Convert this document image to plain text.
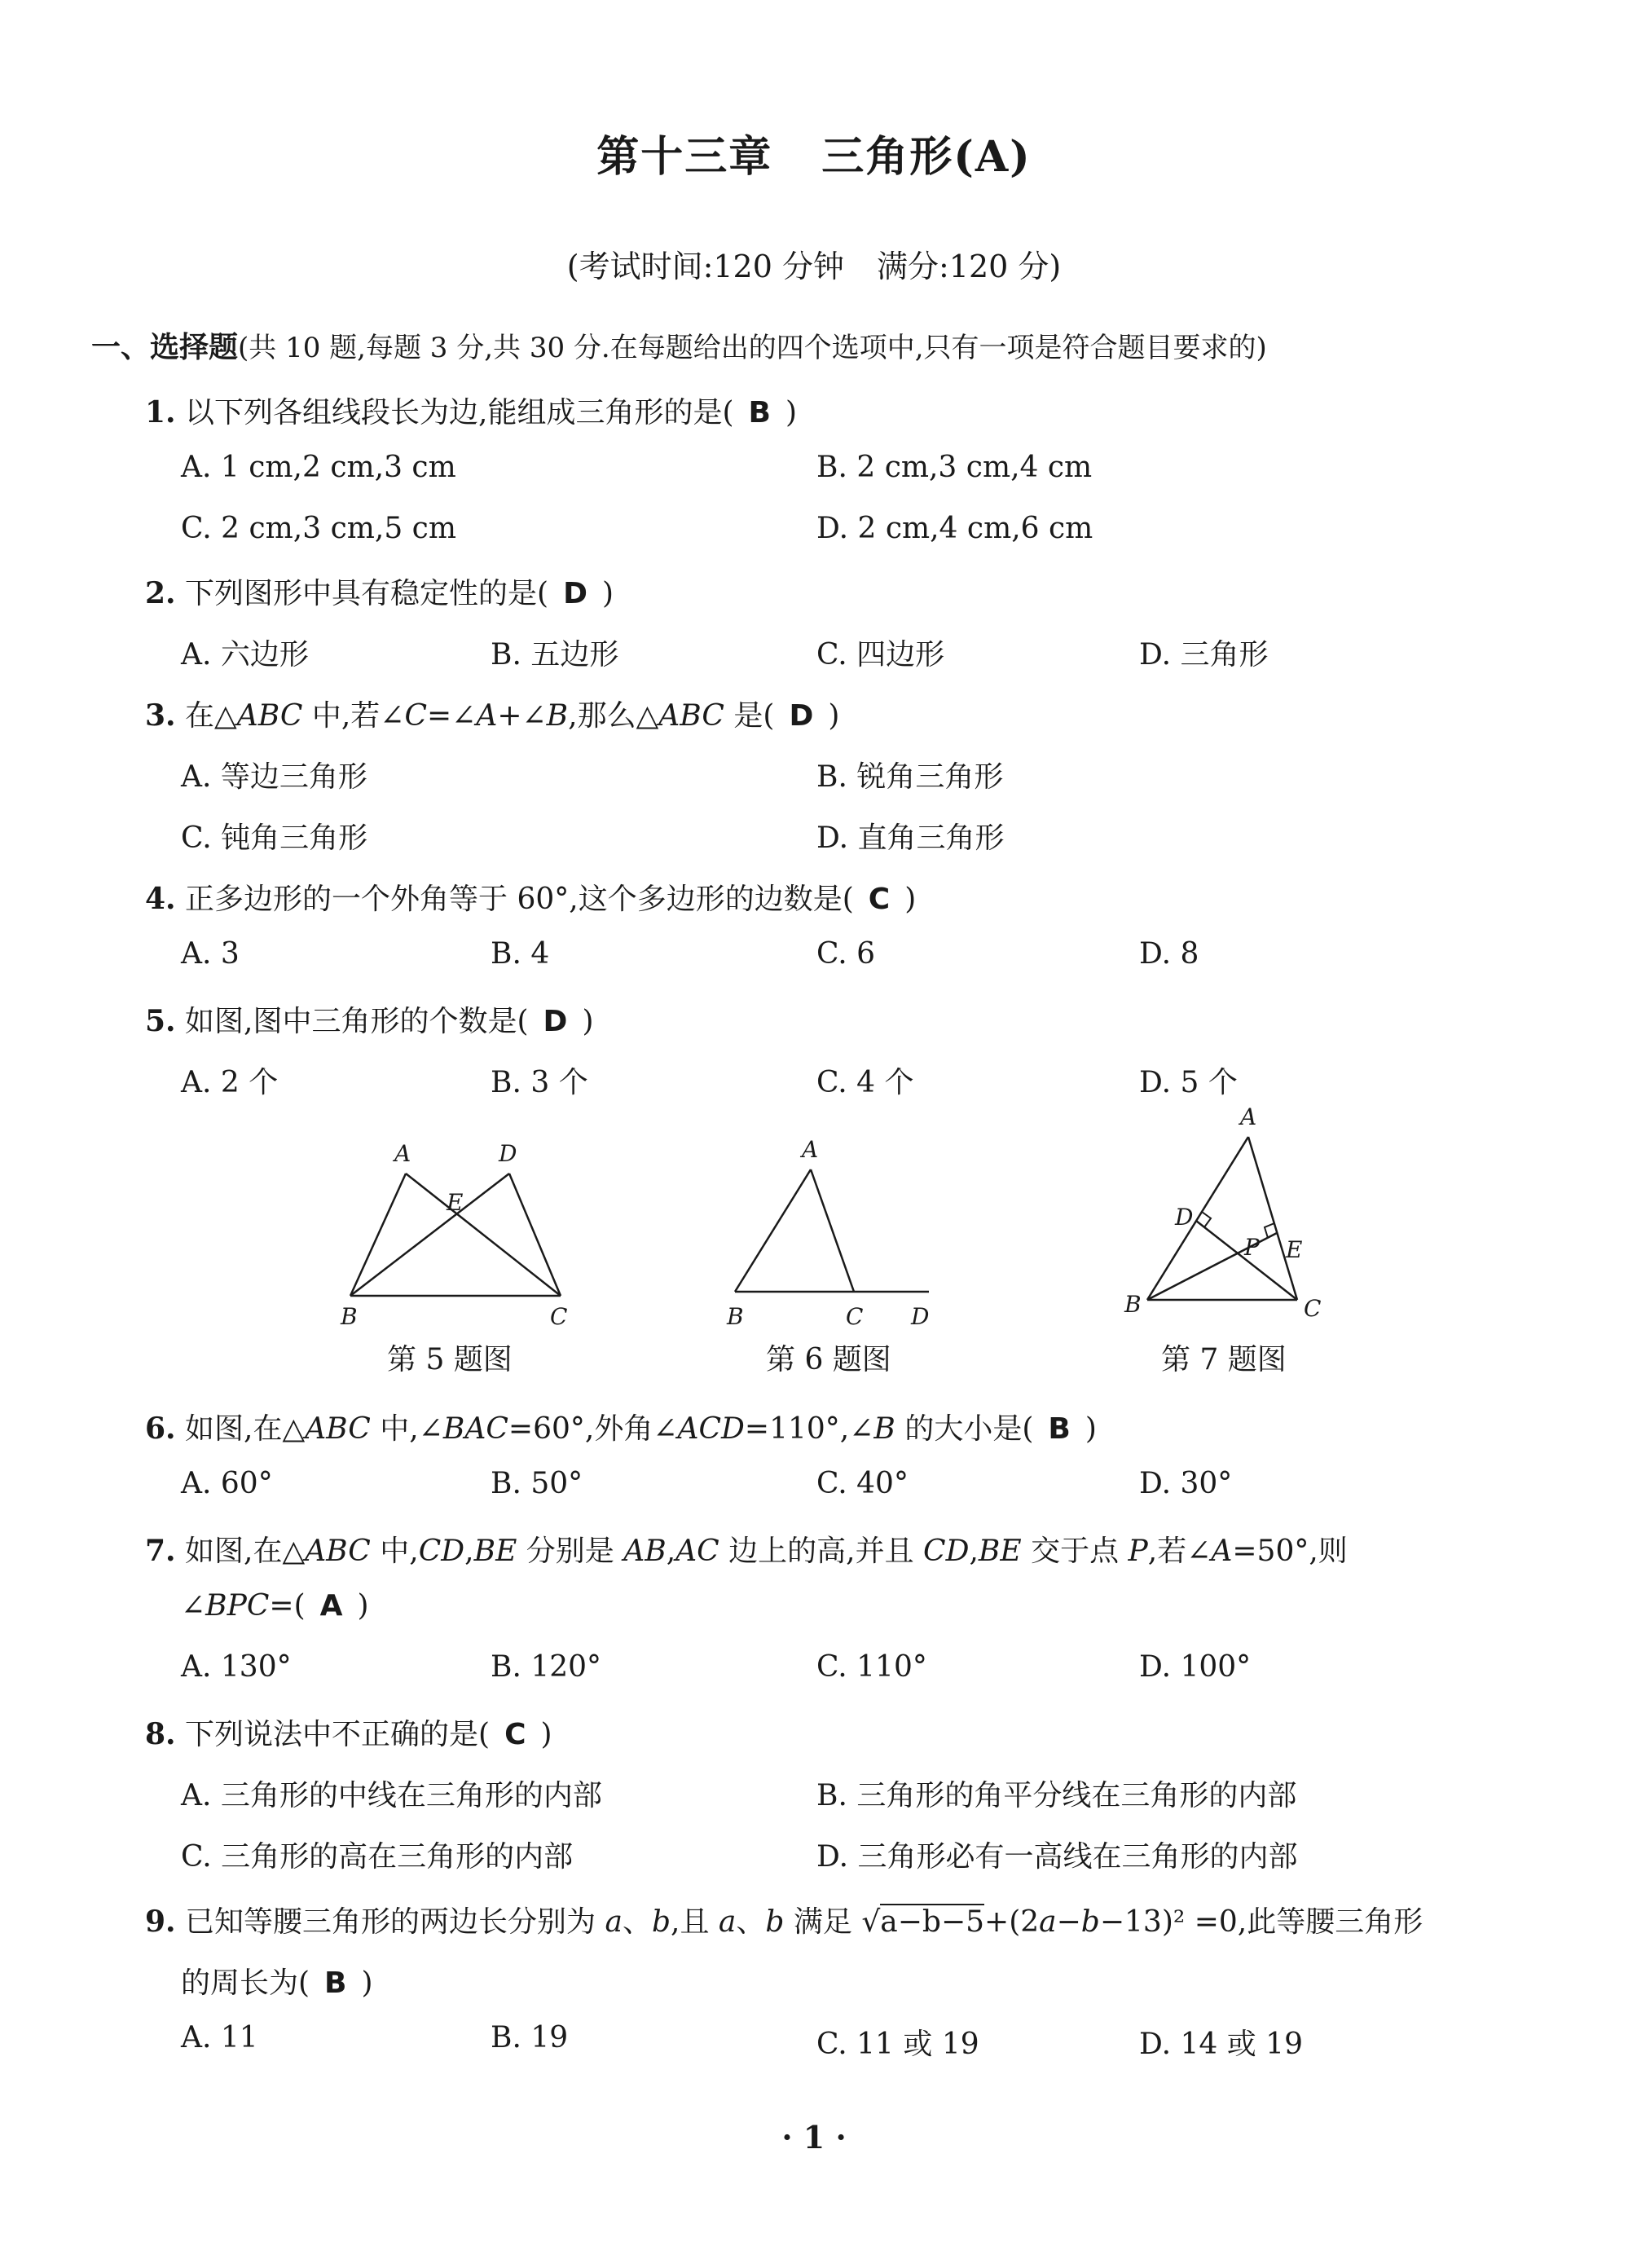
第十三章 三角形(A)
(考试时间:120 分钟 满分:120 分)
一、选择题(共 10 题,每题 3 分,共 30 分.在每题给出的四个选项中,只有一项是符合题目要求的)
1. 以下列各组线段长为边,能组成三角形的是( B )
A. 1 cm,2 cm,3 cm	B. 2 cm,3 cm,4 cm
C. 2 cm,3 cm,5 cm	D. 2 cm,4 cm,6 cm
2. 下列图形中具有稳定性的是( D )
A. 六边形	B. 五边形	C. 四边形	D. 三角形
3. 在△ABC 中,若∠C=∠A+∠B,那么△ABC 是( D )
A. 等边三角形	B. 锐角三角形
C. 钝角三角形	D. 直角三角形
4. 正多边形的一个外角等于 60°,这个多边形的边数是( C )
A. 3	B. 4	C. 6	D. 8
5. 如图,图中三角形的个数是( D )
A. 2 个	B. 3 个	C. 4 个	D. 5 个
A	D
E
B	C
第 5 题图
A
B	C D
第 6 题图
A
D
P E
B	C
第 7 题图
6. 如图,在△ABC 中,∠BAC=60°,外角∠ACD=110°,∠B 的大小是( B )
A. 60°	B. 50°	C. 40°	D. 30°
7. 如图,在△ABC 中,CD,BE 分别是 AB,AC 边上的高,并且 CD,BE 交于点 P,若∠A=50°,则
∠BPC=( A )
A. 130°	B. 120°	C. 110°	D. 100°
8. 下列说法中不正确的是( C )
A. 三角形的中线在三角形的内部	B. 三角形的角平分线在三角形的内部
C. 三角形的高在三角形的内部	D. 三角形必有一高线在三角形的内部
9. 已知等腰三角形的两边长分别为 a、b,且 a、b 满足 √a−b−5+(2a−b−13)² =0,此等腰三角形
的周长为( B )
A. 11	B. 19	C. 11 或 19	D. 14 或 19
· 1 ·
